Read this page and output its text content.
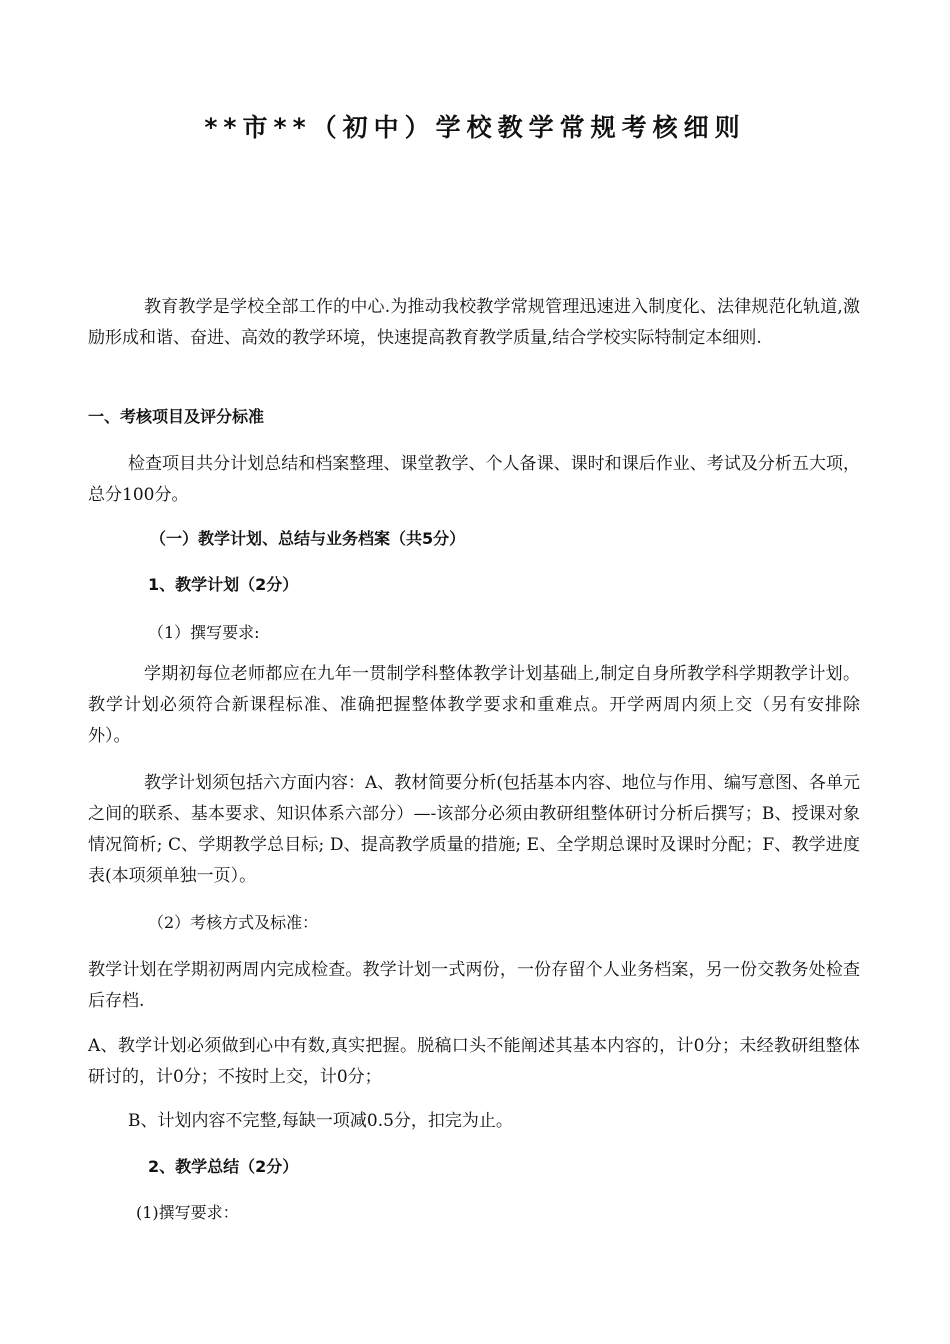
**市**（初中）学校教学常规考核细则

教育教学是学校全部工作的中心.为推动我校教学常规管理迅速进入制度化、法律规范化轨道,激励形成和谐、奋进、高效的教学环境，快速提高教育教学质量,结合学校实际特制定本细则.

一、考核项目及评分标准

检查项目共分计划总结和档案整理、课堂教学、个人备课、课时和课后作业、考试及分析五大项，总分100分。

（一）教学计划、总结与业务档案（共5分）

1、教学计划（2分）

（1）撰写要求:

学期初每位老师都应在九年一贯制学科整体教学计划基础上,制定自身所教学科学期教学计划。教学计划必须符合新课程标准、准确把握整体教学要求和重难点。开学两周内须上交（另有安排除外）。

教学计划须包括六方面内容：A、教材简要分析(包括基本内容、地位与作用、编写意图、各单元之间的联系、基本要求、知识体系六部分）—-该部分必须由教研组整体研讨分析后撰写；B、授课对象情况简析; C、学期教学总目标; D、提高教学质量的措施; E、全学期总课时及课时分配；F、教学进度表(本项须单独一页）。

（2）考核方式及标准：

教学计划在学期初两周内完成检查。教学计划一式两份，一份存留个人业务档案，另一份交教务处检查后存档.

A、教学计划必须做到心中有数,真实把握。脱稿口头不能阐述其基本内容的，计0分；未经教研组整体研讨的，计0分；不按时上交，计0分；

B、计划内容不完整,每缺一项减0.5分，扣完为止。

2、教学总结（2分）

(1)撰写要求：
